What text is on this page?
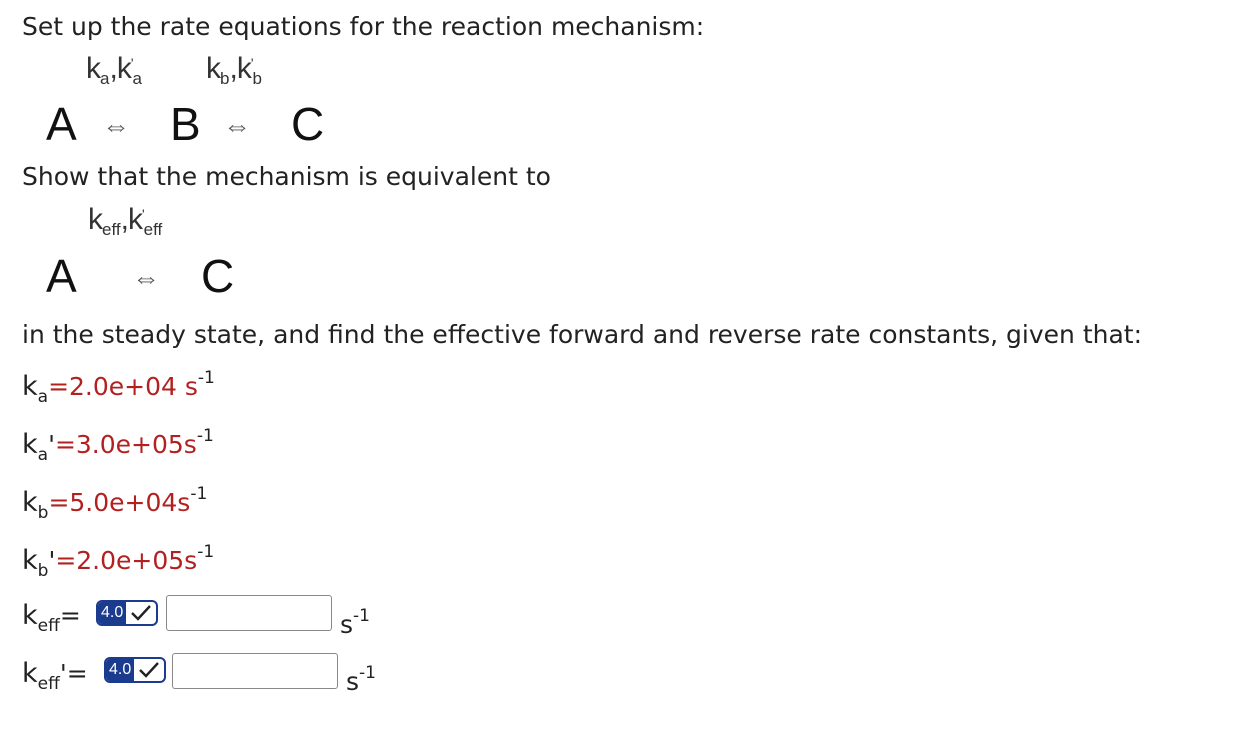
Set up the rate equations for the reaction mechanism:
$k_a,k'_a$ $k_b,k'_b$
A ⇔ B ⇔ C
Show that the mechanism is equivalent to
$k_{eff},k'_{eff}$
A ⇔ C
in the steady state, and find the effective forward and reverse rate constants, given that:
$k_a=2.0e+04$ $s^{-1}$
$k_a'=3.0e+05s^{-1}$
$k_b=5.0e+04s^{-1}$
$k_b'=2.0e+05s^{-1}$
$k_{eff}= 4.0$	$s^{-1}$
$k_{eff}'= 4.0$	$s^{-1}$
